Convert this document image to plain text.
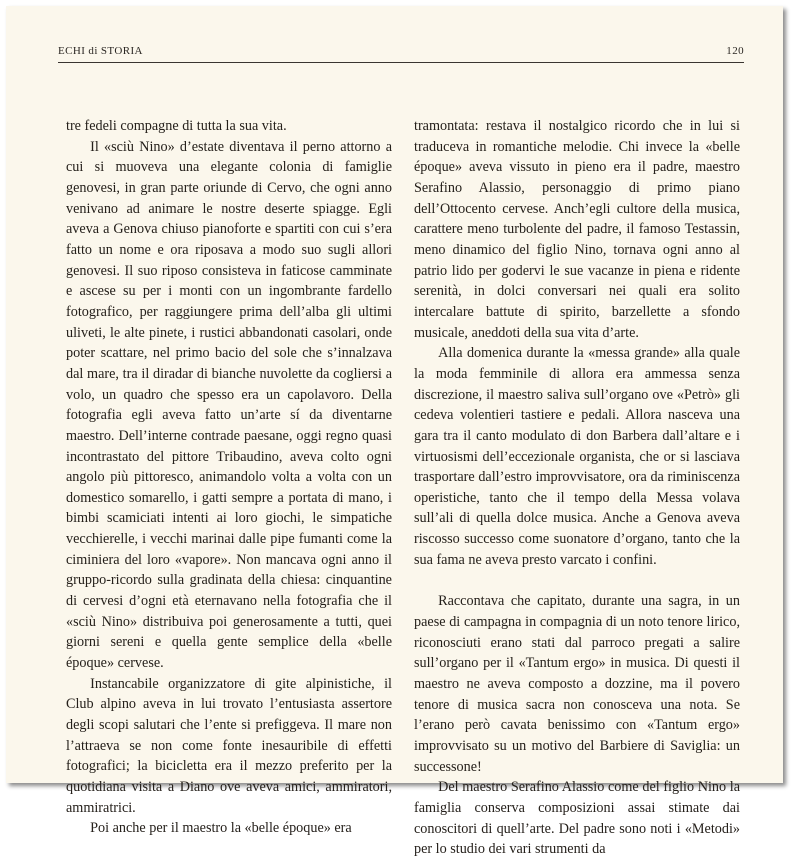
ECHI di STORIA	120

tre fedeli compagne di tutta la sua vita.

Il «sciù Nino» d’estate diventava il perno attorno a cui si muoveva una elegante colonia di famiglie genovesi, in gran parte oriunde di Cervo, che ogni anno venivano ad animare le nostre deserte spiagge. Egli aveva a Genova chiuso pianoforte e spartiti con cui s’era fatto un nome e ora riposava a modo suo sugli allori genovesi. Il suo riposo consisteva in faticose camminate e ascese su per i monti con un ingombrante fardello fotografico, per raggiungere prima dell’alba gli ultimi uliveti, le alte pinete, i rustici abbandonati casolari, onde poter scattare, nel primo bacio del sole che s’innalzava dal mare, tra il diradar di bianche nuvolette da cogliersi a volo, un quadro che spesso era un capolavoro. Della fotografia egli aveva fatto un’arte sí da diventarne maestro. Dell’interne contrade paesane, oggi regno quasi incontrastato del pittore Tribaudino, aveva colto ogni angolo più pittoresco, animandolo volta a volta con un domestico somarello, i gatti sempre a portata di mano, i bimbi scamiciati intenti ai loro giochi, le simpatiche vecchierelle, i vecchi marinai dalle pipe fumanti come la ciminiera del loro «vapore». Non mancava ogni anno il gruppo-ricordo sulla gradinata della chiesa: cinquantine di cervesi d’ogni età eternavano nella fotografia che il «sciù Nino» distribuiva poi generosamente a tutti, quei giorni sereni e quella gente semplice della «belle époque» cervese.

Instancabile organizzatore di gite alpinistiche, il Club alpino aveva in lui trovato l’entusiasta assertore degli scopi salutari che l’ente si prefiggeva. Il mare non l’attraeva se non come fonte inesauribile di effetti fotografici; la bicicletta era il mezzo preferito per la quotidiana visita a Diano ove aveva amici, ammiratori, ammiratrici.

Poi anche per il maestro la «belle époque» era

tramontata: restava il nostalgico ricordo che in lui si traduceva in romantiche melodie. Chi invece la «belle époque» aveva vissuto in pieno era il padre, maestro Serafino Alassio, personaggio di primo piano dell’Ottocento cervese. Anch’egli cultore della musica, carattere meno turbolente del padre, il famoso Testassin, meno dinamico del figlio Nino, tornava ogni anno al patrio lido per godervi le sue vacanze in piena e ridente serenità, in dolci conversari nei quali era solito intercalare battute di spirito, barzellette a sfondo musicale, aneddoti della sua vita d’arte.

Alla domenica durante la «messa grande» alla quale la moda femminile di allora era ammessa senza discrezione, il maestro saliva sull’organo ove «Petrò» gli cedeva volentieri tastiere e pedali. Allora nasceva una gara tra il canto modulato di don Barbera dall’altare e i virtuosismi dell’eccezionale organista, che or si lasciava trasportare dall’estro improvvisatore, ora da riminiscenza operistiche, tanto che il tempo della Messa volava sull’ali di quella dolce musica. Anche a Genova aveva riscosso successo come suonatore d’organo, tanto che la sua fama ne aveva presto varcato i confini.

Raccontava che capitato, durante una sagra, in un paese di campagna in compagnia di un noto tenore lirico, riconosciuti erano stati dal parroco pregati a salire sull’organo per il «Tantum ergo» in musica. Di questi il maestro ne aveva composto a dozzine, ma il povero tenore di musica sacra non conosceva una nota. Se l’erano però cavata benissimo con «Tantum ergo» improvvisato su un motivo del Barbiere di Saviglia: un successone!

Del maestro Serafino Alassio come del figlio Nino la famiglia conserva composizioni assai stimate dai conoscitori di quell’arte. Del padre sono noti i «Metodi» per lo studio dei vari strumenti da
